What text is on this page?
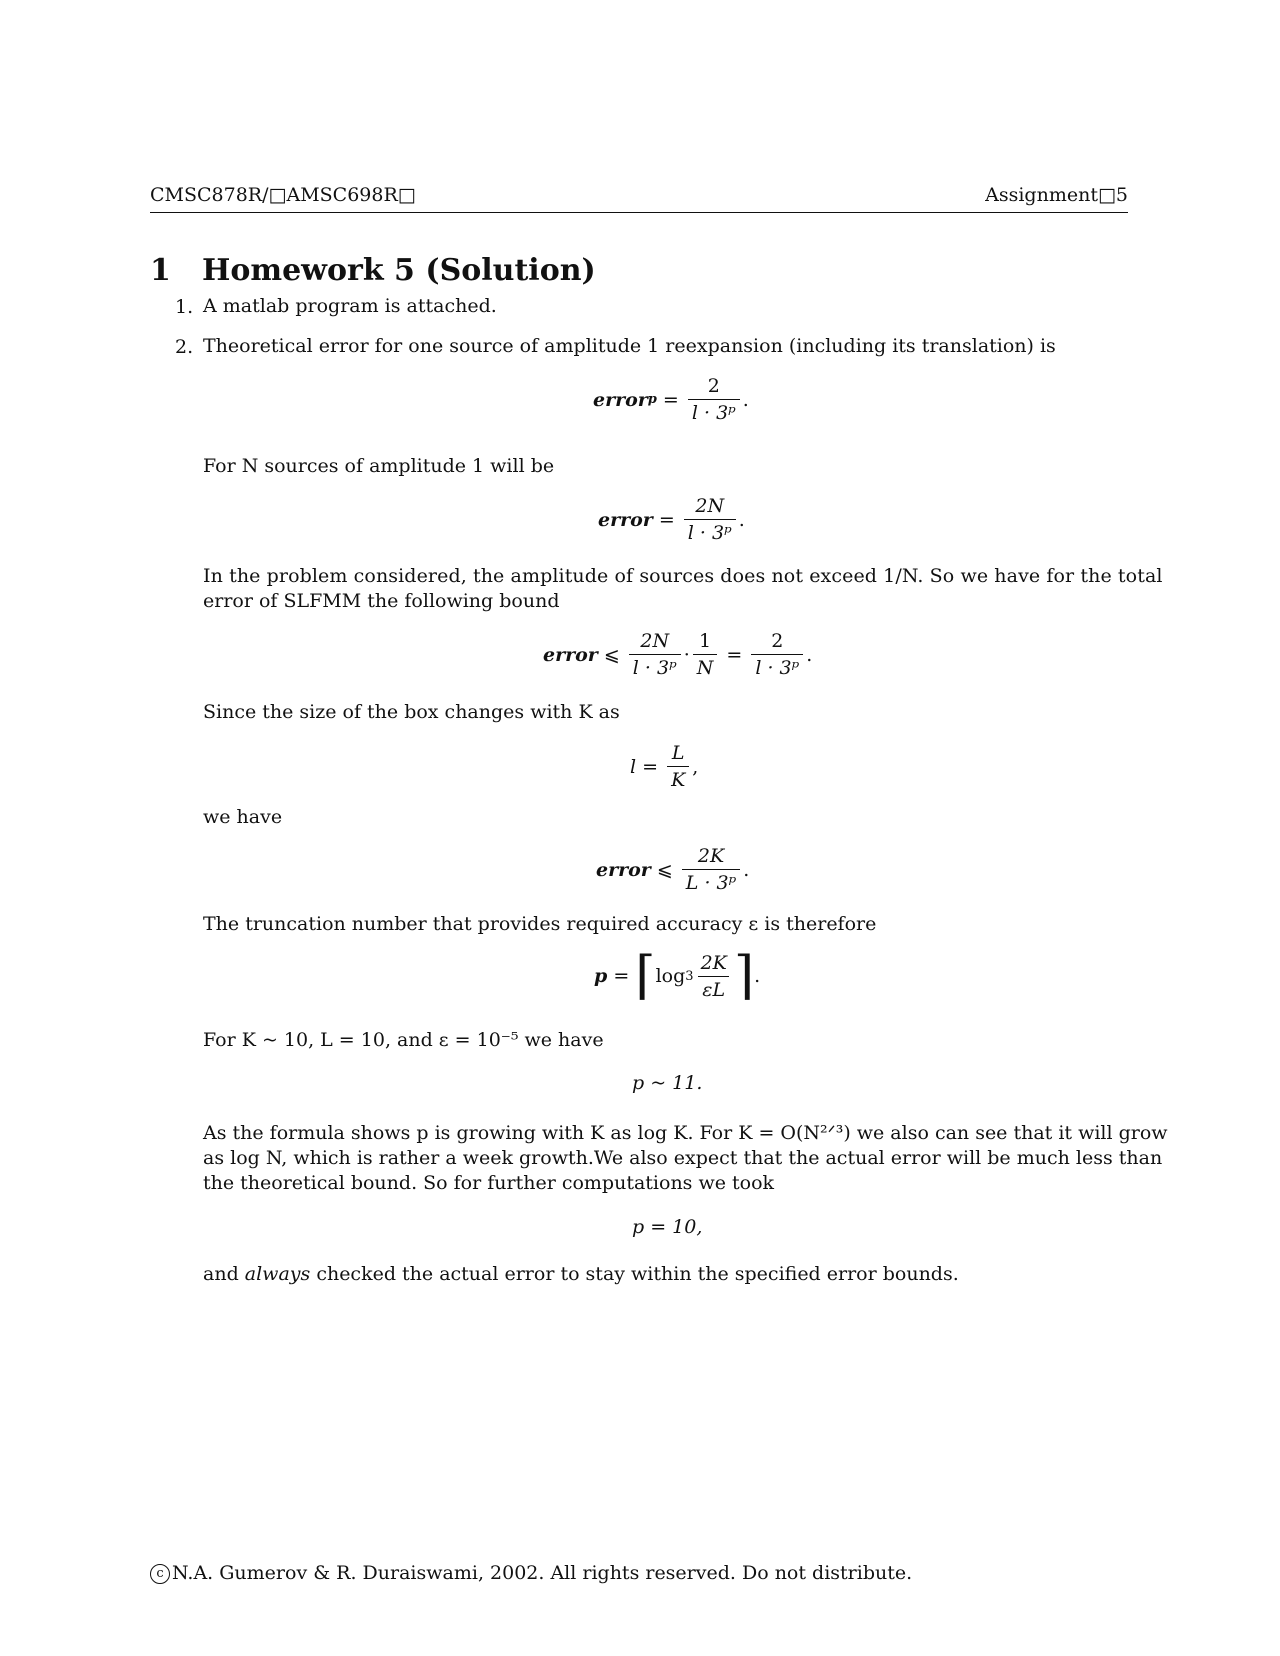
CMSC878R/□AMSC698R□	Assignment□5
1 Homework 5 (Solution)
1. A matlab program is attached.
2. Theoretical error for one source of amplitude 1 reexpansion (including its translation) is
error $p = \frac{2}{\text{l · 3ᵖ}}$ .
For N sources of amplitude 1 will be
error = $\frac{2N}{\text{l · 3ᵖ}}$ .
In the problem considered, the amplitude of sources does not exceed 1/N. So we have for the total
error of SLFMM the following bound
error ⩽ $\frac{2N}{\text{l · 3ᵖ}} \cdot \frac{1}{N} = \frac{2}{\text{l · 3ᵖ}}$ .
Since the size of the box changes with K as
$l = \frac{L}{K}$ ,
we have
error ⩽ $\frac{2K}{\text{L · 3ᵖ}}$ .
The truncation number that provides required accuracy ε is therefore
p = ⌈ $\log 3 \frac{2K}{\varepsilon L}$ ⌉ .
For K ~ 10, L = 10, and ε = 10⁻⁵ we have
p ~ 11.
As the formula shows p is growing with K as log K. For K = O(N²ᐟ³) we also can see that it will grow
as log N, which is rather a week growth.We also expect that the actual error will be much less than
the theoretical bound. So for further computations we took
p = 10,
and always checked the actual error to stay within the specified error bounds.
c N.A. Gumerov & R. Duraiswami, 2002. All rights reserved. Do not distribute.
